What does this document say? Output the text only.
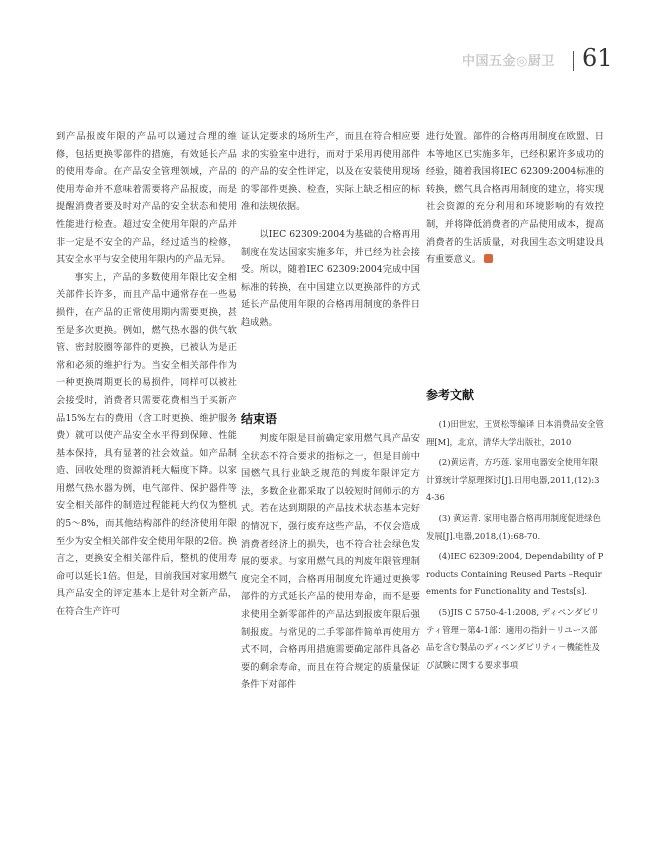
中国五金◎厨卫 61

到产品报废年限的产品可以通过合理的维修，包括更换零部件的措施，有效延长产品的使用寿命。在产品安全管理领域，产品的使用寿命并不意味着需要将产品报废，而是提醒消费者要及时对产品的安全状态和使用性能进行检查。超过安全使用年限的产品并非一定是不安全的产品，经过适当的检修，其安全水平与安全使用年限内的产品无异。

事实上，产品的多数使用年限比安全相关部件长许多，而且产品中通常存在一些易损件，在产品的正常使用期内需要更换，甚至是多次更换。例如，燃气热水器的供气软管、密封胶圈等部件的更换，已被认为是正常和必须的维护行为。当安全相关部件作为一种更换周期更长的易损件，同样可以被社会接受时，消费者只需要花费相当于买新产品15%左右的费用（含工时更换、维护服务费）就可以使产品安全水平得到保障、性能基本保持，具有显著的社会效益。如产品制造、回收处理的资源消耗大幅度下降。以家用燃气热水器为例，电气部件、保护器件等安全相关部件的制造过程能耗大约仅为整机的5～8%，而其他结构部件的经济使用年限至少为安全相关部件安全使用年限的2倍。换言之，更换安全相关部件后，整机的使用寿命可以延长1倍。但是，目前我国对家用燃气具产品安全的评定基本上是针对全新产品，在符合生产许可

证认定要求的场所生产，而且在符合相应要求的实验室中进行，而对于采用再使用部件的产品的安全性评定，以及在安装使用现场的零部件更换、检查，实际上缺乏相应的标准和法规依据。

以IEC 62309:2004为基础的合格再用制度在发达国家实施多年，并已经为社会接受。所以，随着IEC 62309:2004完成中国标准的转换，在中国建立以更换部件的方式延长产品使用年限的合格再用制度的条件日趋成熟。

结束语

判废年限是目前确定家用燃气具产品安全状态不符合要求的指标之一，但是目前中国燃气具行业缺乏规范的判废年限评定方法，多数企业都采取了以较短时间师示的方式。若在达到期限的产品技术状态基本完好的情况下，强行废弃这些产品，不仅会造成消费者经济上的损失，也不符合社会绿色发展的要求。与家用燃气具的判废年限管理制度完全不同，合格再用制度允许通过更换零部件的方式延长产品的使用寿命，而不是要求使用全新零部件的产品达到报废年限后强制报废。与常见的二手零部件简单再使用方式不同，合格再用措施需要确定部件具备必要的剩余寿命，而且在符合规定的质量保证条件下对部件

进行处置。部件的合格再用制度在欧盟、日本等地区已实施多年，已经积累许多成功的经验，随着我国将IEC 62309:2004标准的转换，燃气具合格再用制度的建立，将实现社会资源的充分利用和环境影响的有效控制，并将降低消费者的产品使用成本，提高消费者的生活质量，对我国生态文明建设具有重要意义。

参考文献

(1)田世宏，王贤松等编译 日本消费品安全管理[M]，北京，清华大学出版社，2010

(2)黄运青，方巧莲. 家用电器安全使用年限计算统计学原理探讨[J].日用电器,2011,(12):34-36

(3) 黄运青. 家用电器合格再用制度促进绿色发展[J].电器,2018,(1):68-70.

(4)IEC 62309:2004, Dependability of Products Containing Reused Parts –Requirements for Functionality and Tests[s].

(5)JIS C 5750-4-1:2008, ディペンダビリティ管理－第4-1部：適用の指針－リユース部品を含む製品のディペンダビリティ－機能性及び試験に関する要求事項
